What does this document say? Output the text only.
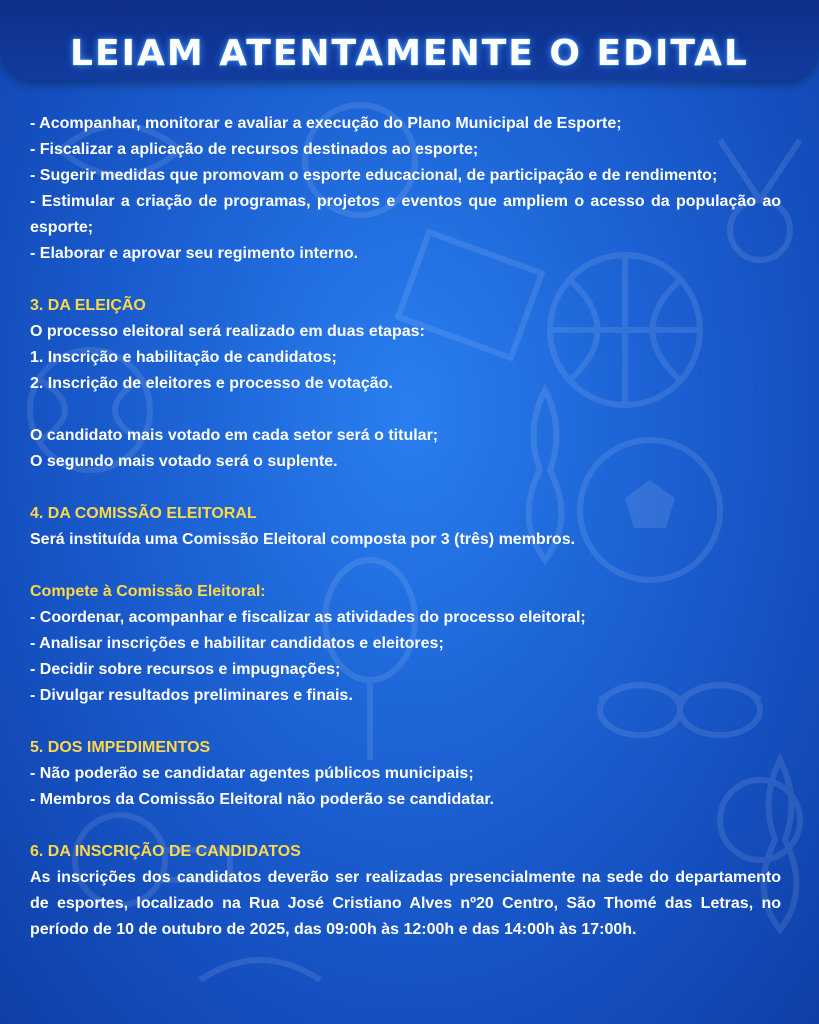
LEIAM ATENTAMENTE O EDITAL
- Acompanhar, monitorar e avaliar a execução do Plano Municipal de Esporte;
- Fiscalizar a aplicação de recursos destinados ao esporte;
- Sugerir medidas que promovam o esporte educacional, de participação e de rendimento;
- Estimular a criação de programas, projetos e eventos que ampliem o acesso da população ao esporte;
- Elaborar e aprovar seu regimento interno.
3. DA ELEIÇÃO
O processo eleitoral será realizado em duas etapas:
1. Inscrição e habilitação de candidatos;
2. Inscrição de eleitores e processo de votação.
O candidato mais votado em cada setor será o titular;
O segundo mais votado será o suplente.
4. DA COMISSÃO ELEITORAL
Será instituída uma Comissão Eleitoral composta por 3 (três) membros.
Compete à Comissão Eleitoral:
- Coordenar, acompanhar e fiscalizar as atividades do processo eleitoral;
- Analisar inscrições e habilitar candidatos e eleitores;
- Decidir sobre recursos e impugnações;
- Divulgar resultados preliminares e finais.
5. DOS IMPEDIMENTOS
- Não poderão se candidatar agentes públicos municipais;
- Membros da Comissão Eleitoral não poderão se candidatar.
6. DA INSCRIÇÃO DE CANDIDATOS
As inscrições dos candidatos deverão ser realizadas presencialmente na sede do departamento de esportes, localizado na Rua José Cristiano Alves nº20 Centro, São Thomé das Letras, no período de 10 de outubro de 2025, das 09:00h às 12:00h e das 14:00h às 17:00h.
